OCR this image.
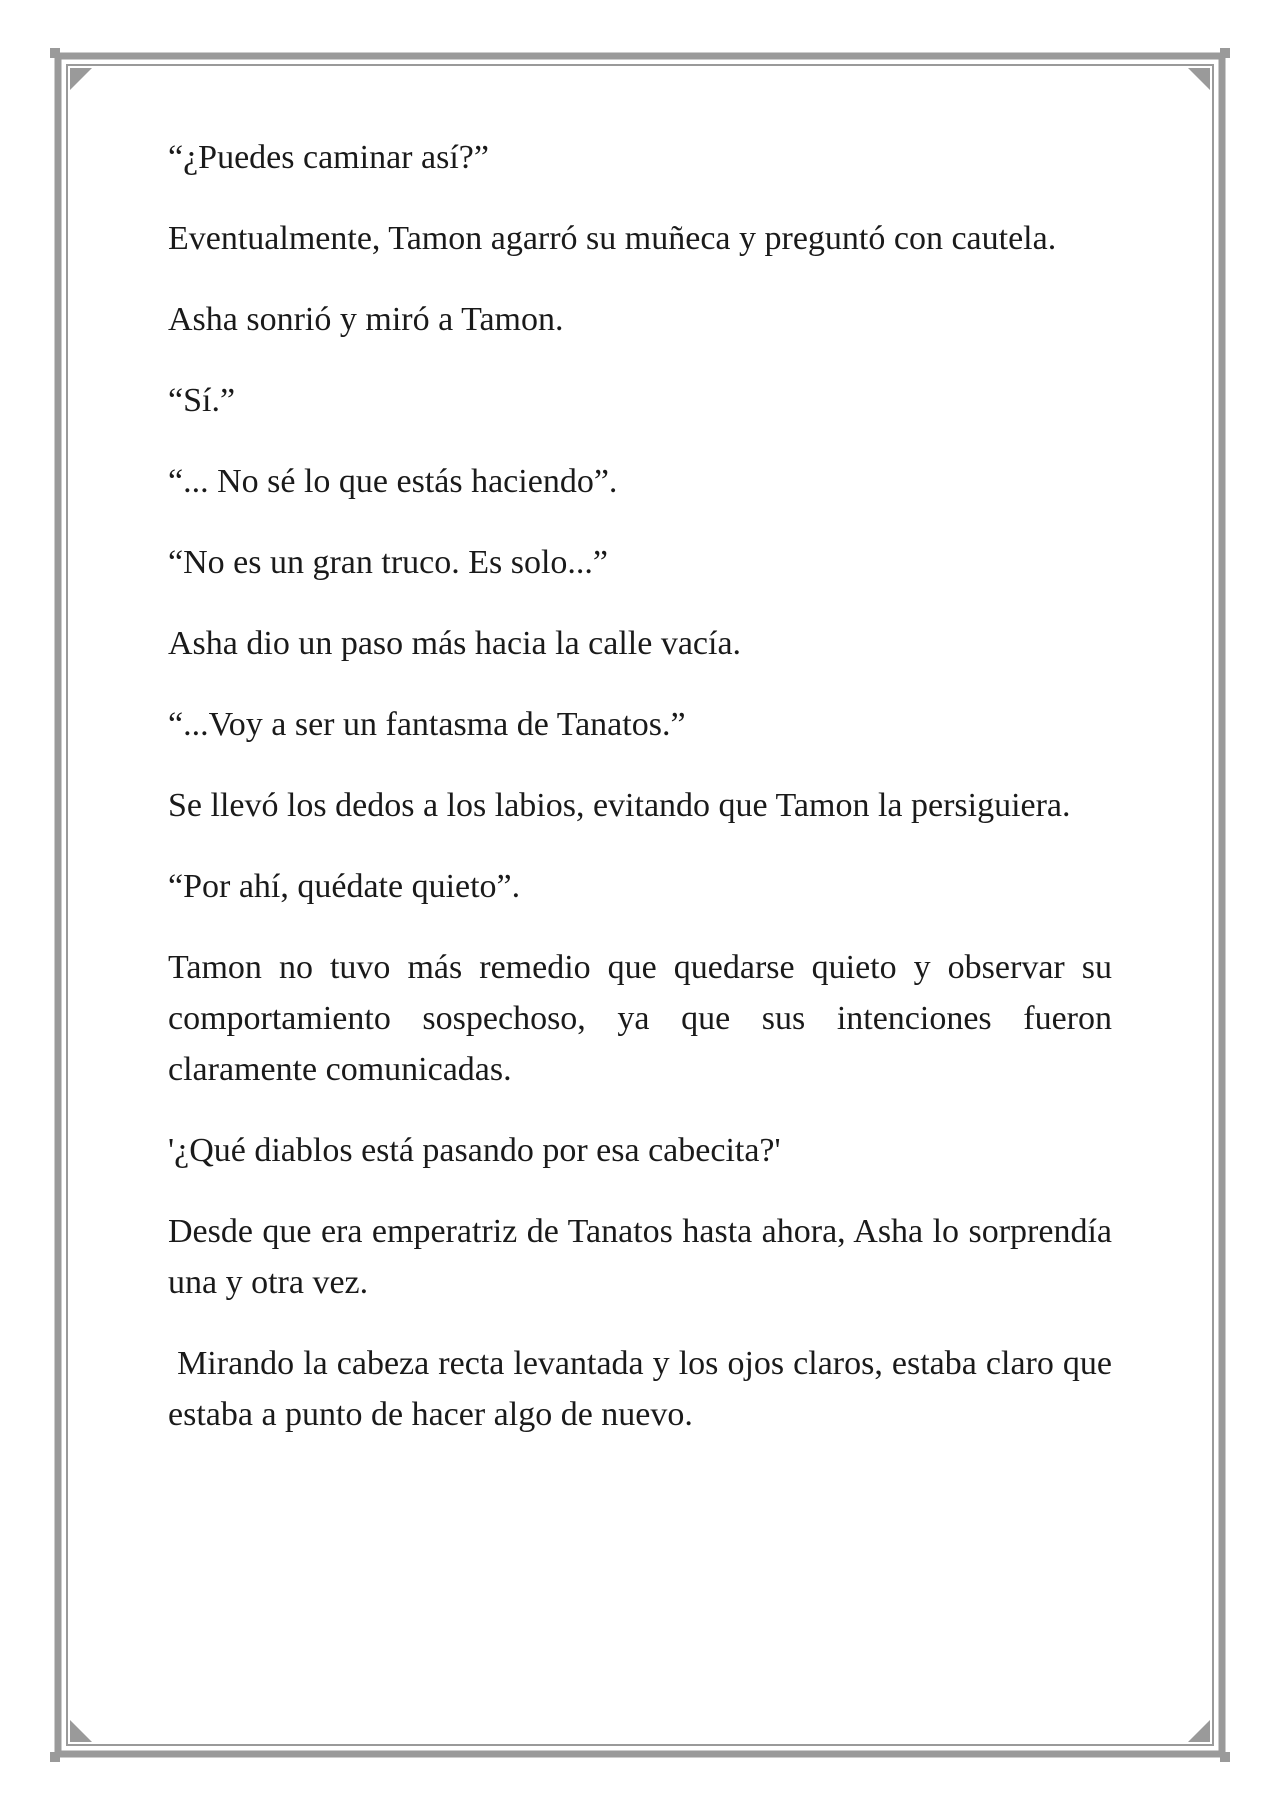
“¿Puedes caminar así?”

Eventualmente, Tamon agarró su muñeca y preguntó con cautela.

Asha sonrió y miró a Tamon.

“Sí.”

“... No sé lo que estás haciendo”.

“No es un gran truco. Es solo...”

Asha dio un paso más hacia la calle vacía.

“...Voy a ser un fantasma de Tanatos.”

Se llevó los dedos a los labios, evitando que Tamon la persiguiera.

“Por ahí, quédate quieto”.

Tamon no tuvo más remedio que quedarse quieto y observar su comportamiento sospechoso, ya que sus intenciones fueron claramente comunicadas.

'¿Qué diablos está pasando por esa cabecita?'

Desde que era emperatriz de Tanatos hasta ahora, Asha lo sorprendía una y otra vez.

Mirando la cabeza recta levantada y los ojos claros, estaba claro que estaba a punto de hacer algo de nuevo.
